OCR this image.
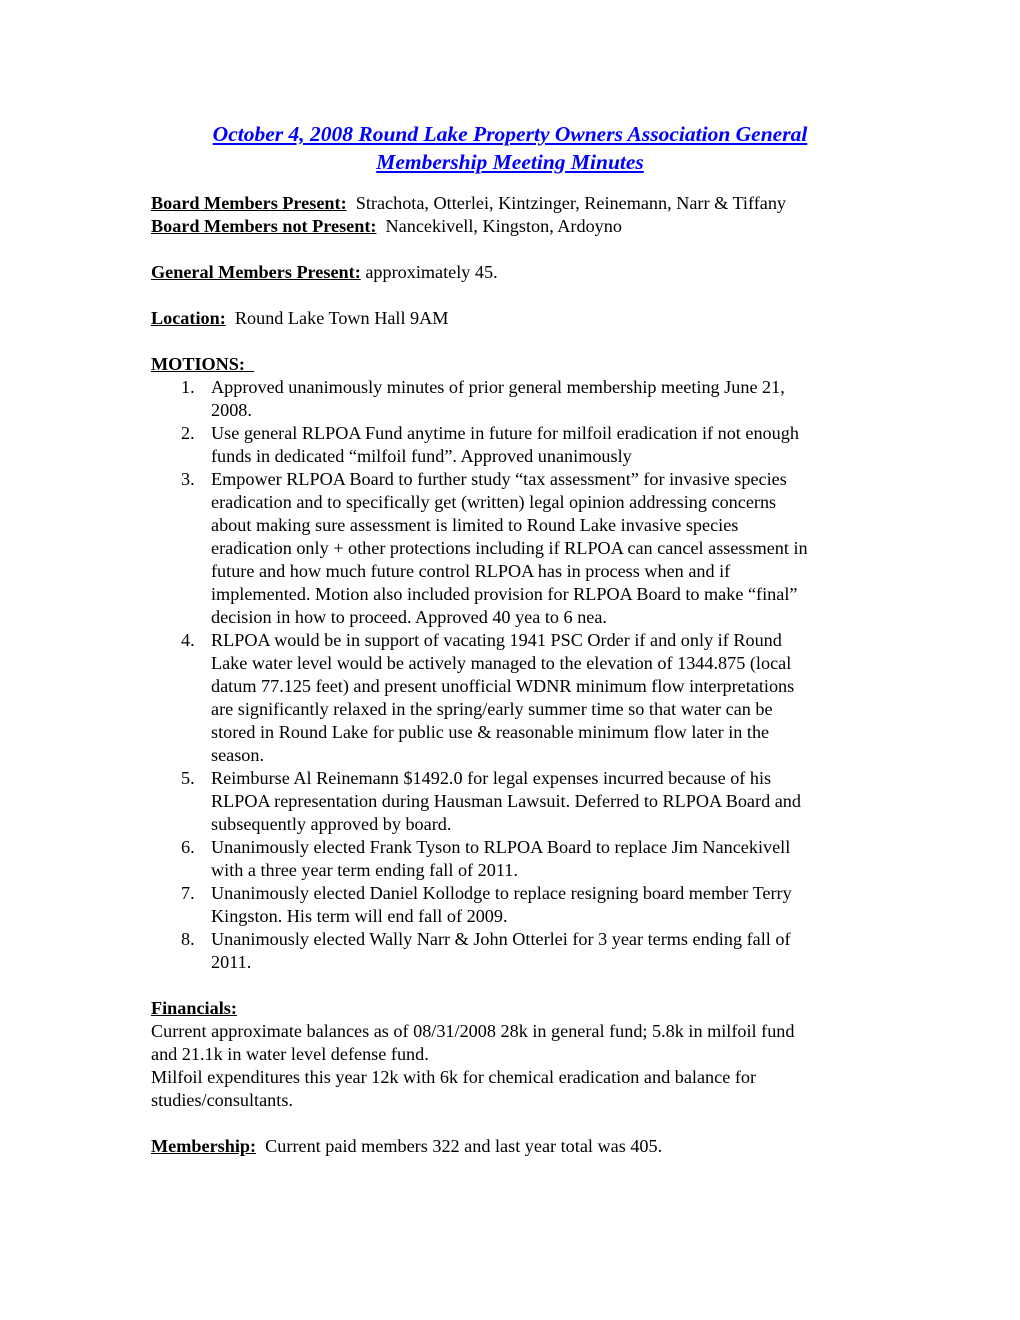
October 4, 2008 Round Lake Property Owners Association General
Membership Meeting Minutes

Board Members Present: Strachota, Otterlei, Kintzinger, Reinemann, Narr & Tiffany

Board Members not Present: Nancekivell, Kingston, Ardoyno

General Members Present: approximately 45.

Location: Round Lake Town Hall 9AM

MOTIONS:

1. Approved unanimously minutes of prior general membership meeting June 21,
2008.
2. Use general RLPOA Fund anytime in future for milfoil eradication if not enough
funds in dedicated “milfoil fund”. Approved unanimously
3. Empower RLPOA Board to further study “tax assessment” for invasive species
eradication and to specifically get (written) legal opinion addressing concerns
about making sure assessment is limited to Round Lake invasive species
eradication only + other protections including if RLPOA can cancel assessment in
future and how much future control RLPOA has in process when and if
implemented. Motion also included provision for RLPOA Board to make “final”
decision in how to proceed. Approved 40 yea to 6 nea.
4. RLPOA would be in support of vacating 1941 PSC Order if and only if Round
Lake water level would be actively managed to the elevation of 1344.875 (local
datum 77.125 feet) and present unofficial WDNR minimum flow interpretations
are significantly relaxed in the spring/early summer time so that water can be
stored in Round Lake for public use & reasonable minimum flow later in the
season.
5. Reimburse Al Reinemann $1492.0 for legal expenses incurred because of his
RLPOA representation during Hausman Lawsuit. Deferred to RLPOA Board and
subsequently approved by board.
6. Unanimously elected Frank Tyson to RLPOA Board to replace Jim Nancekivell
with a three year term ending fall of 2011.
7. Unanimously elected Daniel Kollodge to replace resigning board member Terry
Kingston. His term will end fall of 2009.
8. Unanimously elected Wally Narr & John Otterlei for 3 year terms ending fall of
2011.

Financials:

Current approximate balances as of 08/31/2008 28k in general fund; 5.8k in milfoil fund
and 21.1k in water level defense fund.
Milfoil expenditures this year 12k with 6k for chemical eradication and balance for
studies/consultants.

Membership: Current paid members 322 and last year total was 405.
